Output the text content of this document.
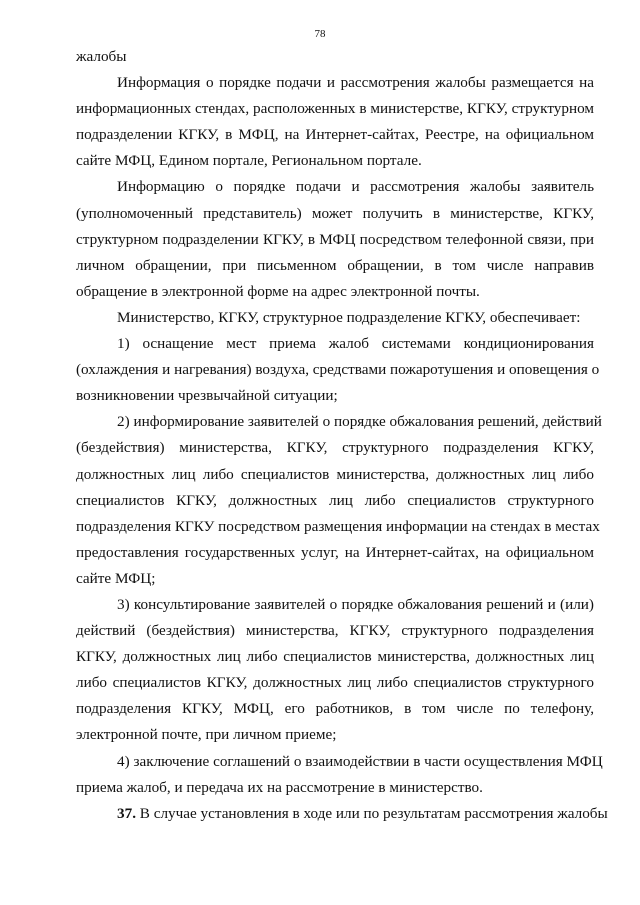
78
жалобы
Информация о порядке подачи и рассмотрения жалобы размещается на
информационных стендах, расположенных в министерстве, КГКУ, структурном
подразделении КГКУ, в МФЦ, на Интернет-сайтах, Реестре, на официальном
сайте МФЦ, Едином портале, Региональном портале.
Информацию о порядке подачи и рассмотрения жалобы заявитель
(уполномоченный представитель) может получить в министерстве, КГКУ,
структурном подразделении КГКУ, в МФЦ посредством телефонной связи, при
личном обращении, при письменном обращении, в том числе направив
обращение в электронной форме на адрес электронной почты.
Министерство, КГКУ, структурное подразделение КГКУ, обеспечивает:
1) оснащение мест приема жалоб системами кондиционирования
(охлаждения и нагревания) воздуха, средствами пожаротушения и оповещения о
возникновении чрезвычайной ситуации;
2) информирование заявителей о порядке обжалования решений, действий
(бездействия) министерства, КГКУ, структурного подразделения КГКУ,
должностных лиц либо специалистов министерства, должностных лиц либо
специалистов КГКУ, должностных лиц либо специалистов структурного
подразделения КГКУ посредством размещения информации на стендах в местах
предоставления государственных услуг, на Интернет-сайтах, на официальном
сайте МФЦ;
3) консультирование заявителей о порядке обжалования решений и (или)
действий (бездействия) министерства, КГКУ, структурного подразделения
КГКУ, должностных лиц либо специалистов министерства, должностных лиц
либо специалистов КГКУ, должностных лиц либо специалистов структурного
подразделения КГКУ, МФЦ, его работников, в том числе по телефону,
электронной почте, при личном приеме;
4) заключение соглашений о взаимодействии в части осуществления МФЦ
приема жалоб, и передача их на рассмотрение в министерство.
37. В случае установления в ходе или по результатам рассмотрения жалобы
